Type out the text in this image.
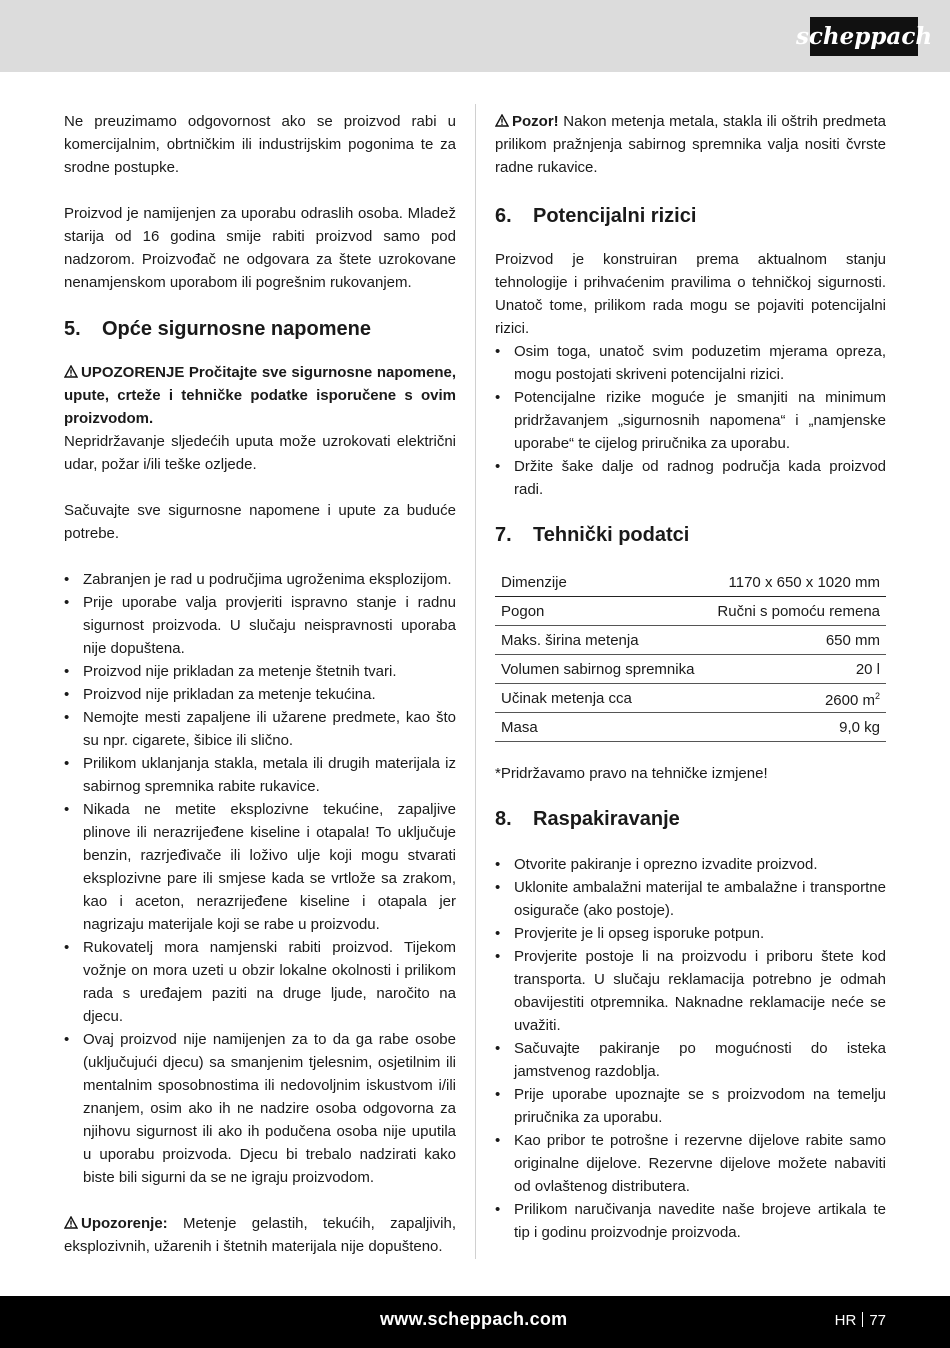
scheppach

Ne preuzimamo odgovornost ako se proizvod rabi u komercijalnim, obrtničkim ili industrijskim pogonima te za srodne postupke.

Proizvod je namijenjen za uporabu odraslih osoba. Mladež starija od 16 godina smije rabiti proizvod samo pod nadzorom. Proizvođač ne odgovara za štete uzrokovane nenamjenskom uporabom ili pogrešnim rukovanjem.

5.	Opće sigurnosne napomene

UPOZORENJE Pročitajte sve sigurnosne napomene, upute, crteže i tehničke podatke isporučene s ovim proizvodom.

Nepridržavanje sljedećih uputa može uzrokovati električni udar, požar i/ili teške ozljede.

Sačuvajte sve sigurnosne napomene i upute za buduće potrebe.

• Zabranjen je rad u područjima ugroženima eksplozijom.
• Prije uporabe valja provjeriti ispravno stanje i radnu sigurnost proizvoda. U slučaju neispravnosti uporaba nije dopuštena.
• Proizvod nije prikladan za metenje štetnih tvari.
• Proizvod nije prikladan za metenje tekućina.
• Nemojte mesti zapaljene ili užarene predmete, kao što su npr. cigarete, šibice ili slično.
• Prilikom uklanjanja stakla, metala ili drugih materijala iz sabirnog spremnika rabite rukavice.
• Nikada ne metite eksplozivne tekućine, zapaljive plinove ili nerazrijeđene kiseline i otapala! To uključuje benzin, razrjeđivače ili loživo ulje koji mogu stvarati eksplozivne pare ili smjese kada se vrtlože sa zrakom, kao i aceton, nerazrijeđene kiseline i otapala jer nagrizaju materijale koji se rabe u proizvodu.
• Rukovatelj mora namjenski rabiti proizvod. Tijekom vožnje on mora uzeti u obzir lokalne okolnosti i prilikom rada s uređajem paziti na druge ljude, naročito na djecu.
• Ovaj proizvod nije namijenjen za to da ga rabe osobe (uključujući djecu) sa smanjenim tjelesnim, osjetilnim ili mentalnim sposobnostima ili nedovoljnim iskustvom i/ili znanjem, osim ako ih ne nadzire osoba odgovorna za njihovu sigurnost ili ako ih podučena osoba nije uputila u uporabu proizvoda. Djecu bi trebalo nadzirati kako biste bili sigurni da se ne igraju proizvodom.

Upozorenje: Metenje gelastih, tekućih, zapaljivih, eksplozivnih, užarenih i štetnih materijala nije dopušteno.

Pozor! Nakon metenja metala, stakla ili oštrih predmeta prilikom pražnjenja sabirnog spremnika valja nositi čvrste radne rukavice.

6.	Potencijalni rizici

Proizvod je konstruiran prema aktualnom stanju tehnologije i prihvaćenim pravilima o tehničkoj sigurnosti. Unatoč tome, prilikom rada mogu se pojaviti potencijalni rizici.

• Osim toga, unatoč svim poduzetim mjerama opreza, mogu postojati skriveni potencijalni rizici.
• Potencijalne rizike moguće je smanjiti na minimum pridržavanjem „sigurnosnih napomena“ i „namjenske uporabe“ te cijelog priručnika za uporabu.
• Držite šake dalje od radnog područja kada proizvod radi.
7.	Tehnički podatci
Dimenzije	1170 x 650 x 1020 mm
Pogon	Ručni s pomoću remena
Maks. širina metenja	650 mm
Volumen sabirnog spremnika	20 l
Učinak metenja cca	2600 $m^2$
Masa	9,0 kg

*Pridržavamo pravo na tehničke izmjene!

8.	Raspakiravanje
• Otvorite pakiranje i oprezno izvadite proizvod.
• Uklonite ambalažni materijal te ambalažne i transportne osigurače (ako postoje).
• Provjerite je li opseg isporuke potpun.
• Provjerite postoje li na proizvodu i priboru štete kod transporta. U slučaju reklamacija potrebno je odmah obavijestiti otpremnika. Naknadne reklamacije neće se uvažiti.
• Sačuvajte pakiranje po mogućnosti do isteka jamstvenog razdoblja.
• Prije uporabe upoznajte se s proizvodom na temelju priručnika za uporabu.
• Kao pribor te potrošne i rezervne dijelove rabite samo originalne dijelove. Rezervne dijelove možete nabaviti od ovlaštenog distributera.
• Prilikom naručivanja navedite naše brojeve artikala te tip i godinu proizvodnje proizvoda.
www.scheppach.com	HR 77
